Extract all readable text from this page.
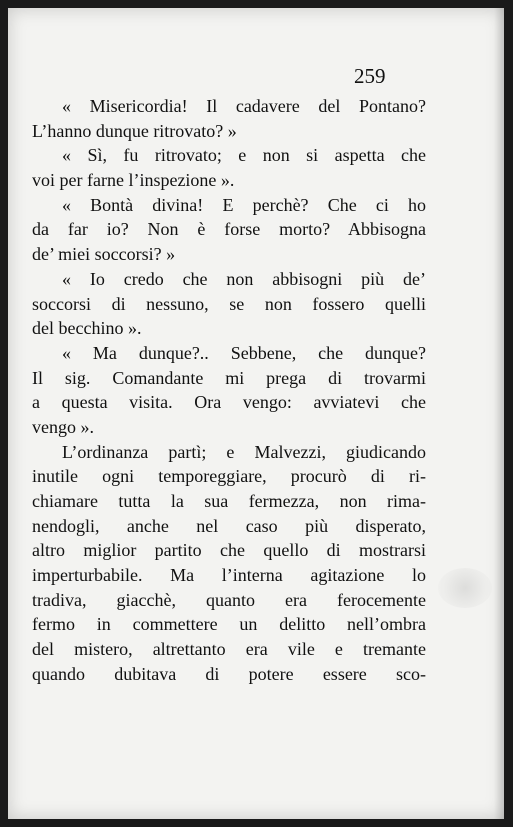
259
« Misericordia! Il cadavere del Pontano?
L’hanno dunque ritrovato? »
« Sì, fu ritrovato; e non si aspetta che
voi per farne l’inspezione ».
« Bontà divina! E perchè? Che ci ho
da far io? Non è forse morto? Abbisogna
de’ miei soccorsi? »
« Io credo che non abbisogni più de’
soccorsi di nessuno, se non fossero quelli
del becchino ».
« Ma dunque?.. Sebbene, che dunque?
Il sig. Comandante mi prega di trovarmi
a questa visita. Ora vengo: avviatevi che
vengo ».
L’ordinanza partì; e Malvezzi, giudicando
inutile ogni temporeggiare, procurò di ri-
chiamare tutta la sua fermezza, non rima-
nendogli, anche nel caso più disperato,
altro miglior partito che quello di mostrarsi
imperturbabile. Ma l’interna agitazione lo
tradiva, giacchè, quanto era ferocemente
fermo in commettere un delitto nell’ombra
del mistero, altrettanto era vile e tremante
quando dubitava di potere essere sco-
